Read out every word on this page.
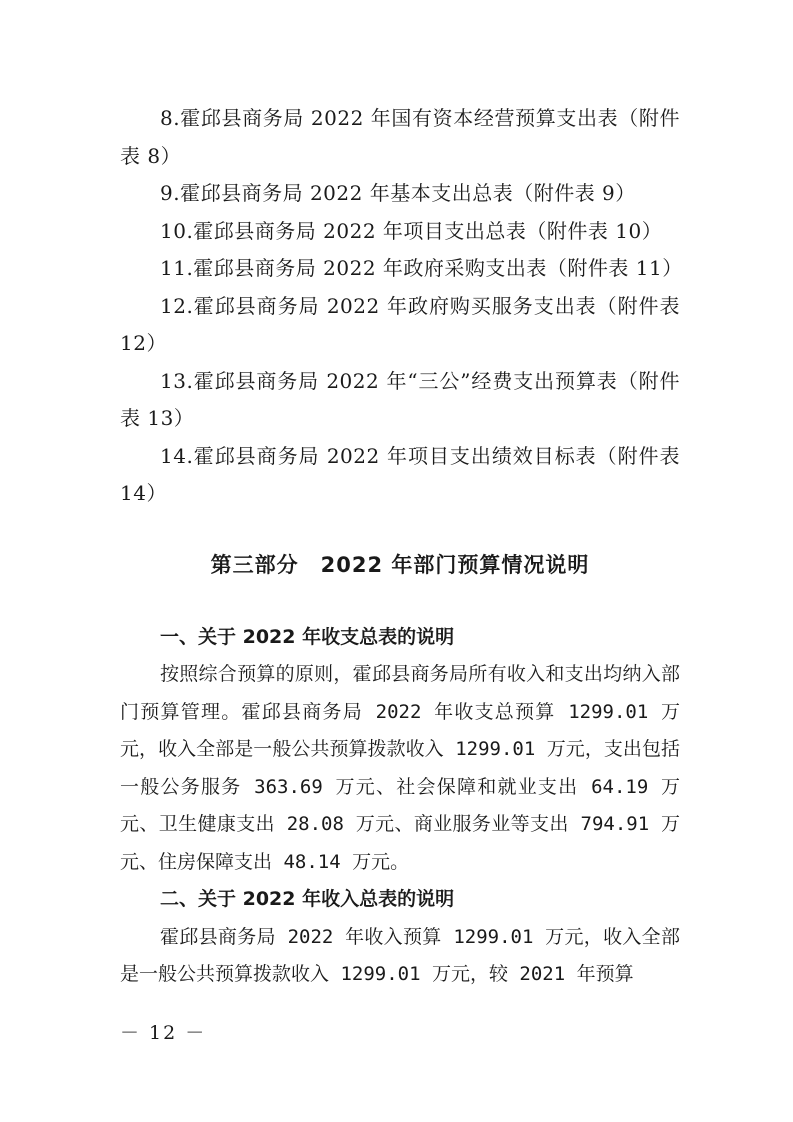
8.霍邱县商务局 2022 年国有资本经营预算支出表（附件表 8）

9.霍邱县商务局 2022 年基本支出总表（附件表 9）

10.霍邱县商务局 2022 年项目支出总表（附件表 10）

11.霍邱县商务局 2022 年政府采购支出表（附件表 11）

12.霍邱县商务局 2022 年政府购买服务支出表（附件表 12）

13.霍邱县商务局 2022 年“三公”经费支出预算表（附件表 13）

14.霍邱县商务局 2022 年项目支出绩效目标表（附件表 14）

第三部分　2022 年部门预算情况说明

一、关于 2022 年收支总表的说明

按照综合预算的原则，霍邱县商务局所有收入和支出均纳入部门预算管理。霍邱县商务局 2022 年收支总预算 1299.01 万元，收入全部是一般公共预算拨款收入 1299.01 万元，支出包括一般公务服务 363.69 万元、社会保障和就业支出 64.19 万元、卫生健康支出 28.08 万元、商业服务业等支出 794.91 万元、住房保障支出 48.14 万元。

二、关于 2022 年收入总表的说明

霍邱县商务局 2022 年收入预算 1299.01 万元，收入全部是一般公共预算拨款收入 1299.01 万元，较 2021 年预算

－ 12 －
